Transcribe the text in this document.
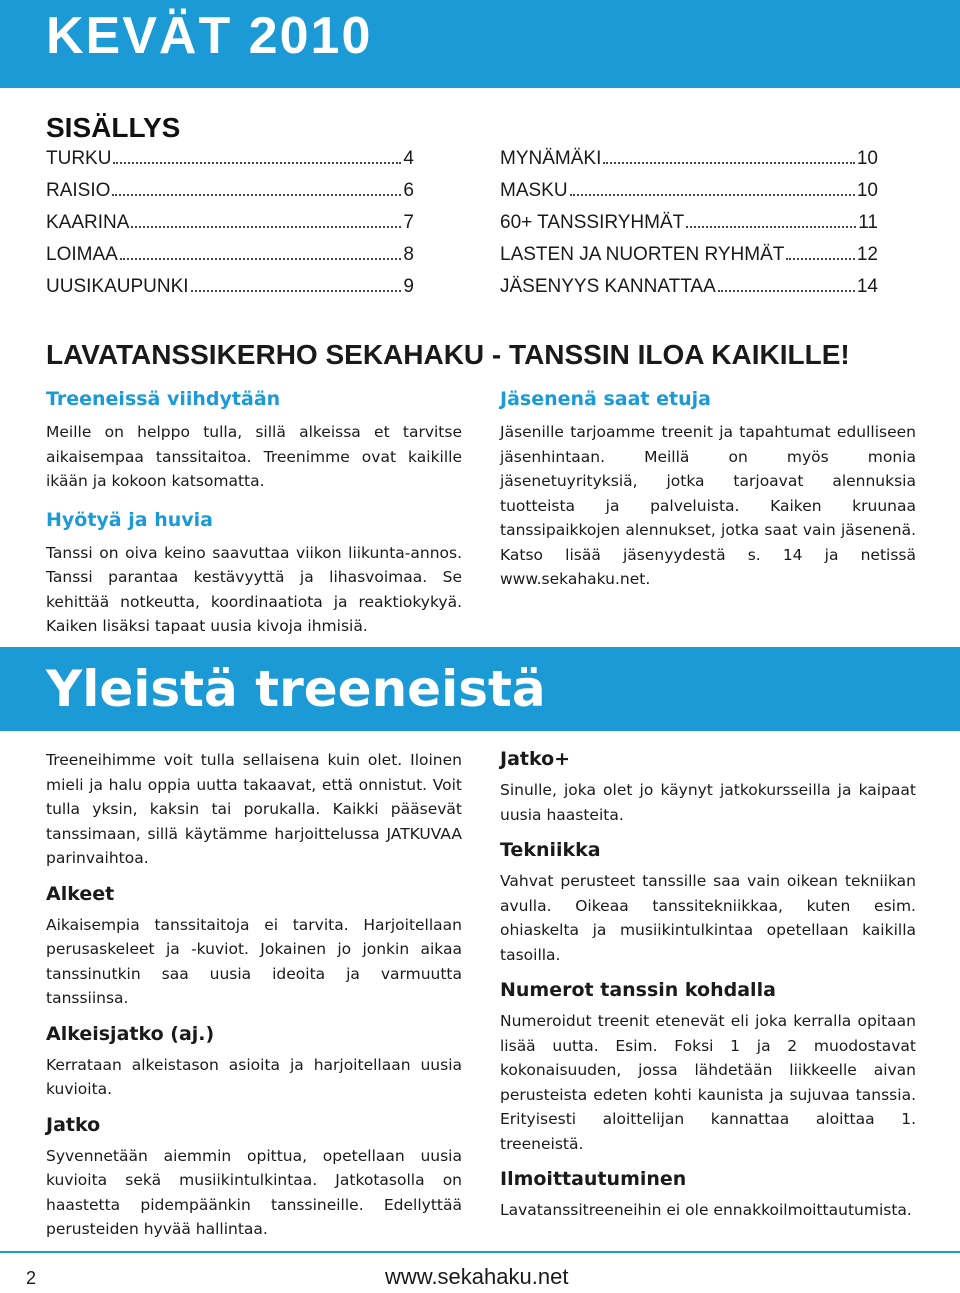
KEVÄT 2010
SISÄLLYS
TURKU	4
RAISIO	6
KAARINA	7
LOIMAA	8
UUSIKAUPUNKI	9
MYNÄMÄKI	10
MASKU	10
60+ TANSSIRYHMÄT	11
LASTEN JA NUORTEN RYHMÄT	12
JÄSENYYS KANNATTAA	14
LAVATANSSIKERHO SEKAHAKU - TANSSIN ILOA KAIKILLE!
Treeneissä viihdytään

Meille on helppo tulla, sillä alkeissa et tarvitse aikaisempaa tanssitaitoa. Treenimme ovat kaikille ikään ja kokoon katsomatta.

Hyötyä ja huvia

Tanssi on oiva keino saavuttaa viikon liikunta-annos. Tanssi parantaa kestävyyttä ja lihasvoimaa. Se kehittää notkeutta, koordinaatiota ja reaktiokykyä. Kaiken lisäksi tapaat uusia kivoja ihmisiä.

Jäsenenä saat etuja

Jäsenille tarjoamme treenit ja tapahtumat edulliseen jäsenhintaan. Meillä on myös monia jäsenetuyrityksiä, jotka tarjoavat alennuksia tuotteista ja palveluista. Kaiken kruunaa tanssipaikkojen alennukset, jotka saat vain jäsenenä. Katso lisää jäsenyydestä s. 14 ja netissä www.sekahaku.net.

Yleistä treeneistä

Treeneihimme voit tulla sellaisena kuin olet. Iloinen mieli ja halu oppia uutta takaavat, että onnistut. Voit tulla yksin, kaksin tai porukalla. Kaikki pääsevät tanssimaan, sillä käytämme harjoittelussa JATKUVAA parinvaihtoa.

Alkeet

Aikaisempia tanssitaitoja ei tarvita. Harjoitellaan perusaskeleet ja -kuviot. Jokainen jo jonkin aikaa tanssinutkin saa uusia ideoita ja varmuutta tanssiinsa.

Alkeisjatko (aj.)

Kerrataan alkeistason asioita ja harjoitellaan uusia kuvioita.

Jatko

Syvennetään aiemmin opittua, opetellaan uusia kuvioita sekä musiikintulkintaa. Jatkotasolla on haastetta pidempäänkin tanssineille. Edellyttää perusteiden hyvää hallintaa.

Jatko+

Sinulle, joka olet jo käynyt jatkokursseilla ja kaipaat uusia haasteita.

Tekniikka

Vahvat perusteet tanssille saa vain oikean tekniikan avulla. Oikeaa tanssitekniikkaa, kuten esim. ohiaskelta ja musiikintulkintaa opetellaan kaikilla tasoilla.

Numerot tanssin kohdalla

Numeroidut treenit etenevät eli joka kerralla opitaan lisää uutta. Esim. Foksi 1 ja 2 muodostavat kokonaisuuden, jossa lähdetään liikkeelle aivan perusteista edeten kohti kaunista ja sujuvaa tanssia. Erityisesti aloittelijan kannattaa aloittaa 1. treeneistä.

Ilmoittautuminen

Lavatanssitreeneihin ei ole ennakkoilmoittautumista.

2	www.sekahaku.net
